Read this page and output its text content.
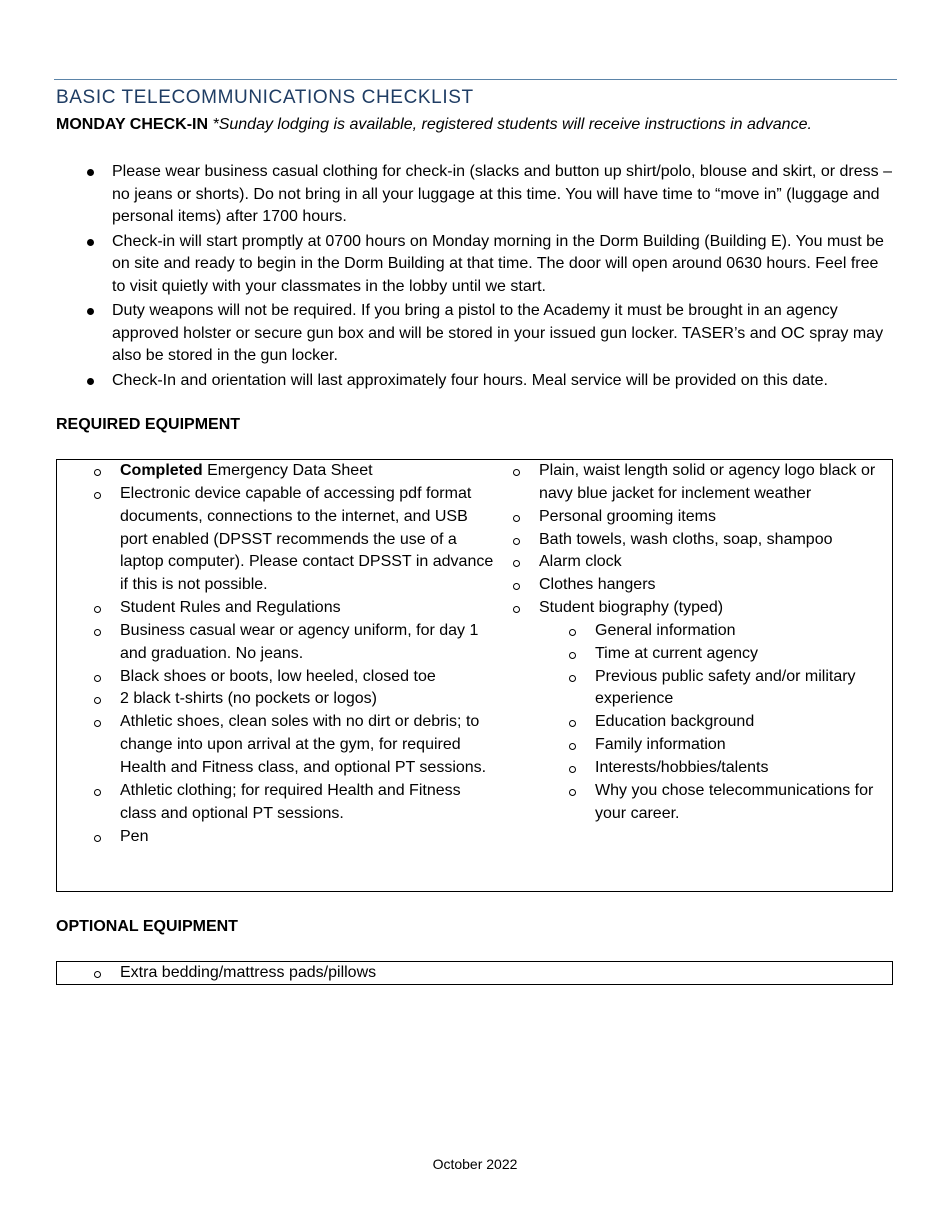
BASIC TELECOMMUNICATIONS CHECKLIST
MONDAY CHECK-IN *Sunday lodging is available, registered students will receive instructions in advance.
Please wear business casual clothing for check-in (slacks and button up shirt/polo, blouse and skirt, or dress – no jeans or shorts). Do not bring in all your luggage at this time. You will have time to “move in” (luggage and personal items) after 1700 hours.
Check-in will start promptly at 0700 hours on Monday morning in the Dorm Building (Building E). You must be on site and ready to begin in the Dorm Building at that time. The door will open around 0630 hours. Feel free to visit quietly with your classmates in the lobby until we start.
Duty weapons will not be required. If you bring a pistol to the Academy it must be brought in an agency approved holster or secure gun box and will be stored in your issued gun locker. TASER’s and OC spray may also be stored in the gun locker.
Check-In and orientation will last approximately four hours. Meal service will be provided on this date.
REQUIRED EQUIPMENT
Completed Emergency Data Sheet
Electronic device capable of accessing pdf format documents, connections to the internet, and USB port enabled (DPSST recommends the use of a laptop computer). Please contact DPSST in advance if this is not possible.
Student Rules and Regulations
Business casual wear or agency uniform, for day 1 and graduation. No jeans.
Black shoes or boots, low heeled, closed toe
2 black t-shirts (no pockets or logos)
Athletic shoes, clean soles with no dirt or debris; to change into upon arrival at the gym, for required Health and Fitness class, and optional PT sessions.
Athletic clothing; for required Health and Fitness class and optional PT sessions.
Pen
Plain, waist length solid or agency logo black or navy blue jacket for inclement weather
Personal grooming items
Bath towels, wash cloths, soap, shampoo
Alarm clock
Clothes hangers
Student biography (typed)
General information
Time at current agency
Previous public safety and/or military experience
Education background
Family information
Interests/hobbies/talents
Why you chose telecommunications for your career.
OPTIONAL EQUIPMENT
Extra bedding/mattress pads/pillows
October 2022
